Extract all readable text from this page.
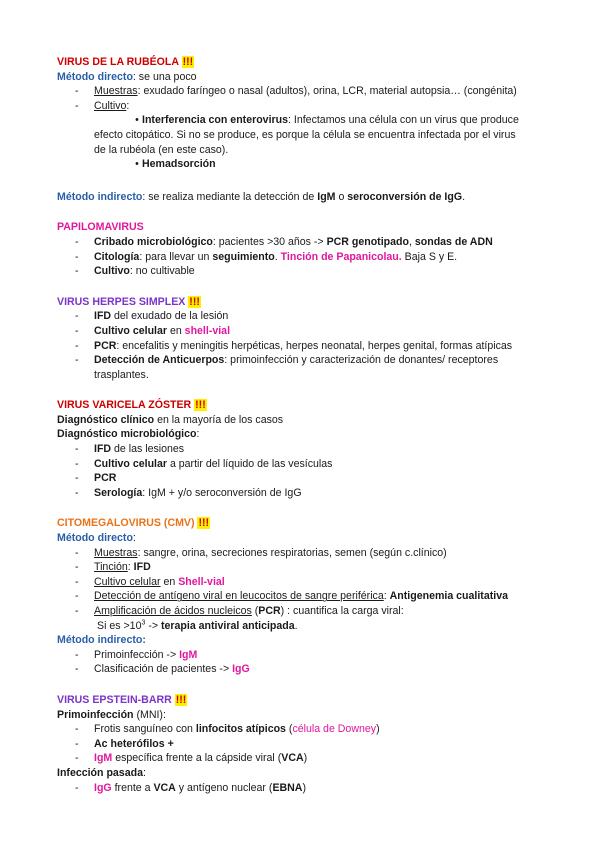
VIRUS DE LA RUBÉOLA !!!
Método directo: se una poco
- Muestras: exudado faríngeo o nasal (adultos), orina, LCR, material autopsia… (congénita)
- Cultivo:
• Interferencia con enterovirus: Infectamos una célula con un virus que produce
efecto citopático. Si no se produce, es porque la célula se encuentra infectada por el virus
de la rubéola (en este caso).
• Hemadsorción
Método indirecto: se realiza mediante la detección de IgM o seroconversión de IgG.
PAPILOMAVIRUS
- Cribado microbiológico: pacientes >30 años -> PCR genotipado, sondas de ADN
- Citología: para llevar un seguimiento. Tinción de Papanicolau. Baja S y E.
- Cultivo: no cultivable
VIRUS HERPES SIMPLEX !!!
- IFD del exudado de la lesión
- Cultivo celular en shell-vial
- PCR: encefalitis y meningitis herpéticas, herpes neonatal, herpes genital, formas atípicas
- Detección de Anticuerpos: primoinfección y caracterización de donantes/ receptores
trasplantes.
VIRUS VARICELA ZÓSTER !!!
Diagnóstico clínico en la mayoría de los casos
Diagnóstico microbiológico:
- IFD de las lesiones
- Cultivo celular a partir del líquido de las vesículas
- PCR
- Serología: IgM + y/o seroconversión de IgG
CITOMEGALOVIRUS (CMV) !!!
Método directo:
- Muestras: sangre, orina, secreciones respiratorias, semen (según c.clínico)
- Tinción: IFD
- Cultivo celular en Shell-vial
- Detección de antígeno viral en leucocitos de sangre periférica: Antigenemia cualitativa
- Amplificación de ácidos nucleicos (PCR) : cuantifica la carga viral:
Si es $>10^3$ -> terapia antiviral anticipada.
Método indirecto:
- Primoinfección -> IgM
- Clasificación de pacientes -> IgG
VIRUS EPSTEIN-BARR !!!
Primoinfección (MNI):
- Frotis sanguíneo con linfocitos atípicos (célula de Downey)
- Ac heterófilos +
- IgM específica frente a la cápside viral (VCA)
Infección pasada:
- IgG frente a VCA y antígeno nuclear (EBNA)
